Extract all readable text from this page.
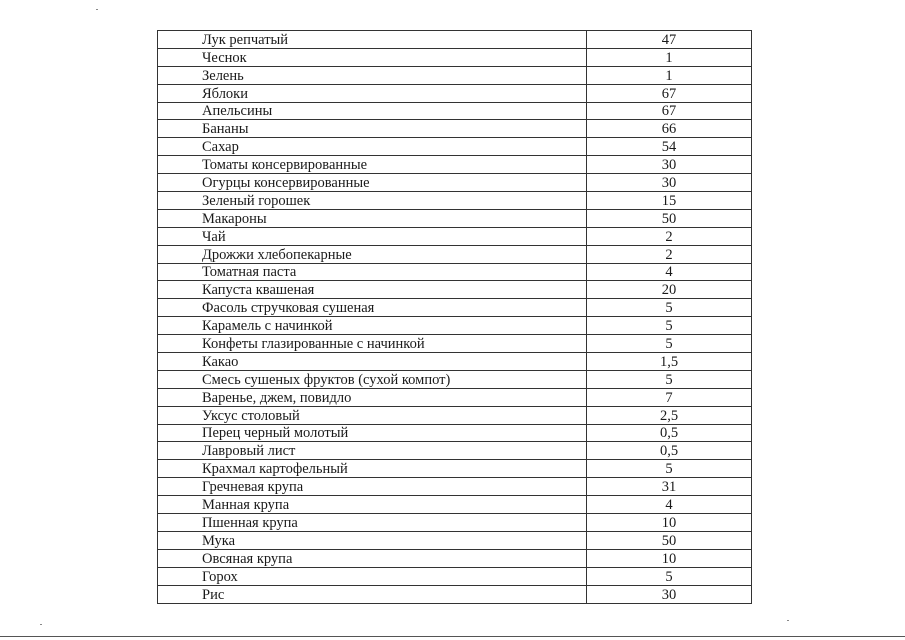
Лук репчатый	47
Чеснок	1
Зелень	1
Яблоки	67
Апельсины	67
Бананы	66
Сахар	54
Томаты консервированные	30
Огурцы консервированные	30
Зеленый горошек	15
Макароны	50
Чай	2
Дрожжи хлебопекарные	2
Томатная паста	4
Капуста квашеная	20
Фасоль стручковая сушеная	5
Карамель с начинкой	5
Конфеты глазированные с начинкой	5
Какао	1,5
Смесь сушеных фруктов (сухой компот)	5
Варенье, джем, повидло	7
Уксус столовый	2,5
Перец черный молотый	0,5
Лавровый лист	0,5
Крахмал картофельный	5
Гречневая крупа	31
Манная крупа	4
Пшенная крупа	10
Мука	50
Овсяная крупа	10
Горох	5
Рис	30
